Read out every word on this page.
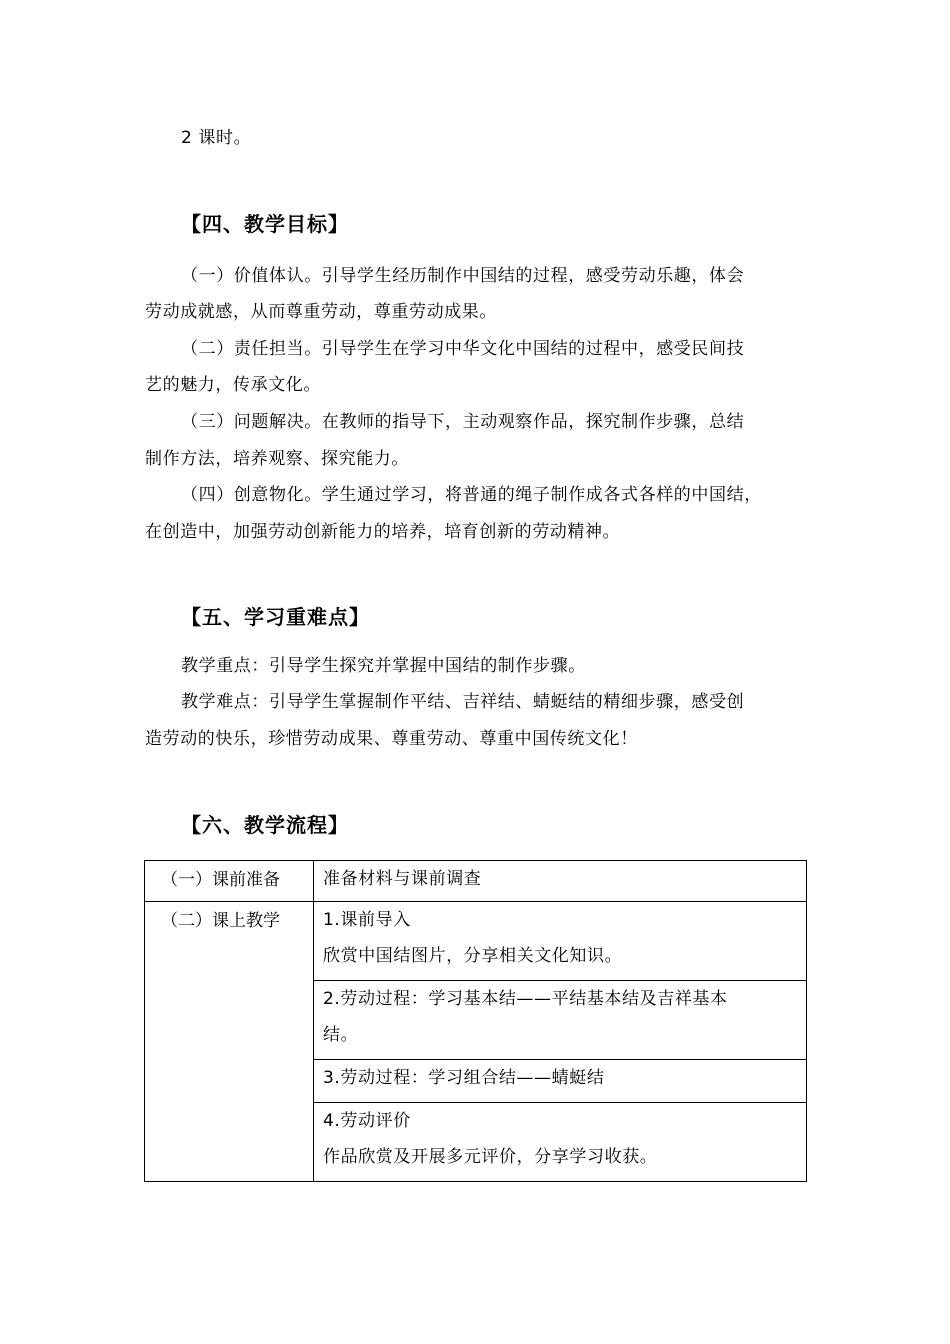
2 课时。
【四、教学目标】
（一）价值体认。引导学生经历制作中国结的过程，感受劳动乐趣，体会
劳动成就感，从而尊重劳动，尊重劳动成果。
（二）责任担当。引导学生在学习中华文化中国结的过程中，感受民间技
艺的魅力，传承文化。
（三）问题解决。在教师的指导下，主动观察作品，探究制作步骤，总结
制作方法，培养观察、探究能力。
（四）创意物化。学生通过学习，将普通的绳子制作成各式各样的中国结，
在创造中，加强劳动创新能力的培养，培育创新的劳动精神。
【五、学习重难点】
教学重点：引导学生探究并掌握中国结的制作步骤。
教学难点：引导学生掌握制作平结、吉祥结、蜻蜓结的精细步骤，感受创
造劳动的快乐，珍惜劳动成果、尊重劳动、尊重中国传统文化！
【六、教学流程】
（一）课前准备	准备材料与课前调查

（二）课上教学	1.课前导入
欣赏中国结图片，分享相关文化知识。

	2.劳动过程：学习基本结——平结基本结及吉祥基本
结。

	3.劳动过程：学习组合结——蜻蜓结

	4.劳动评价
作品欣赏及开展多元评价，分享学习收获。
